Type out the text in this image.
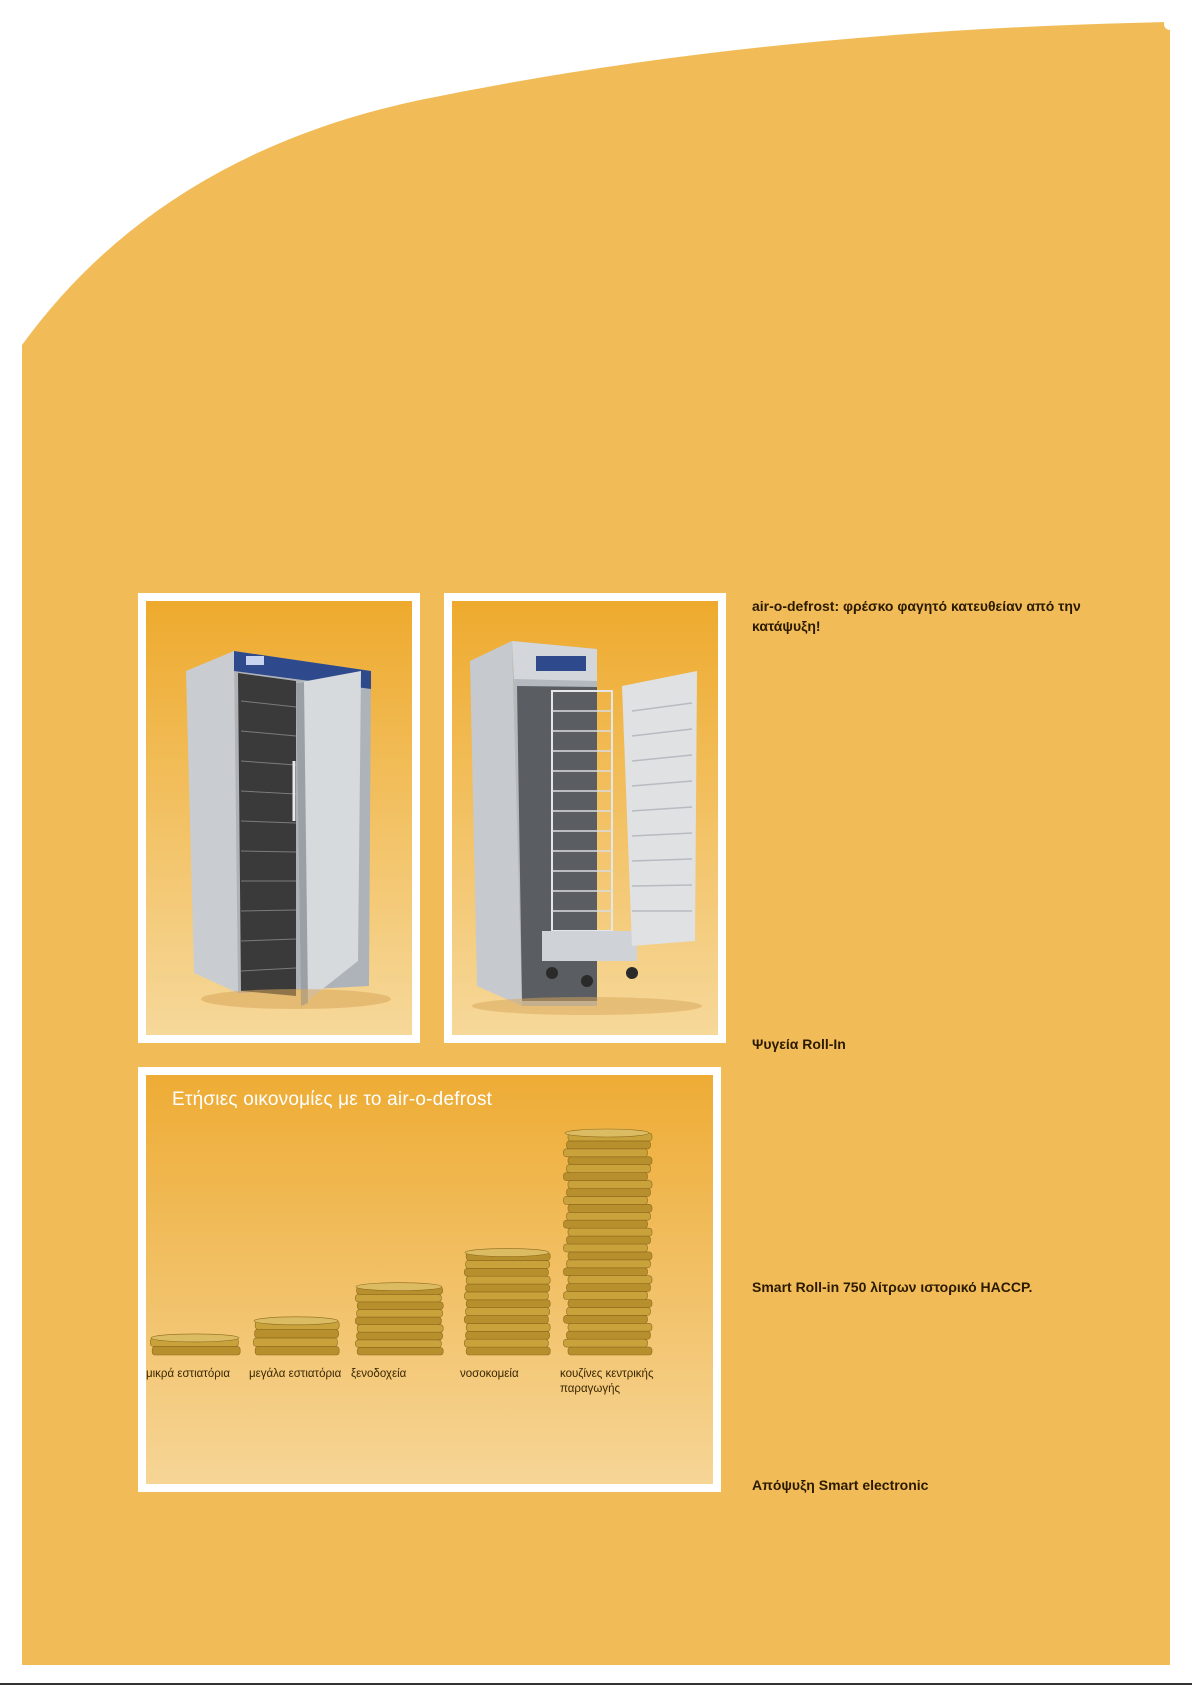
Ετήσιες οικονομίες με το air-o-defrost
μικρά εστιατόρια	μεγάλα εστιατόρια ξενοδοχεία	νοσοκομεία	κουζίνες κεντρικής παραγωγής
air-o-defrost: φρέσκο φαγητό κατευθείαν από την κατάψυξη!
Ψυγεία Roll-In
Smart Roll-in 750 λίτρων ιστορικό HACCP.
Απόψυξη Smart electronic
